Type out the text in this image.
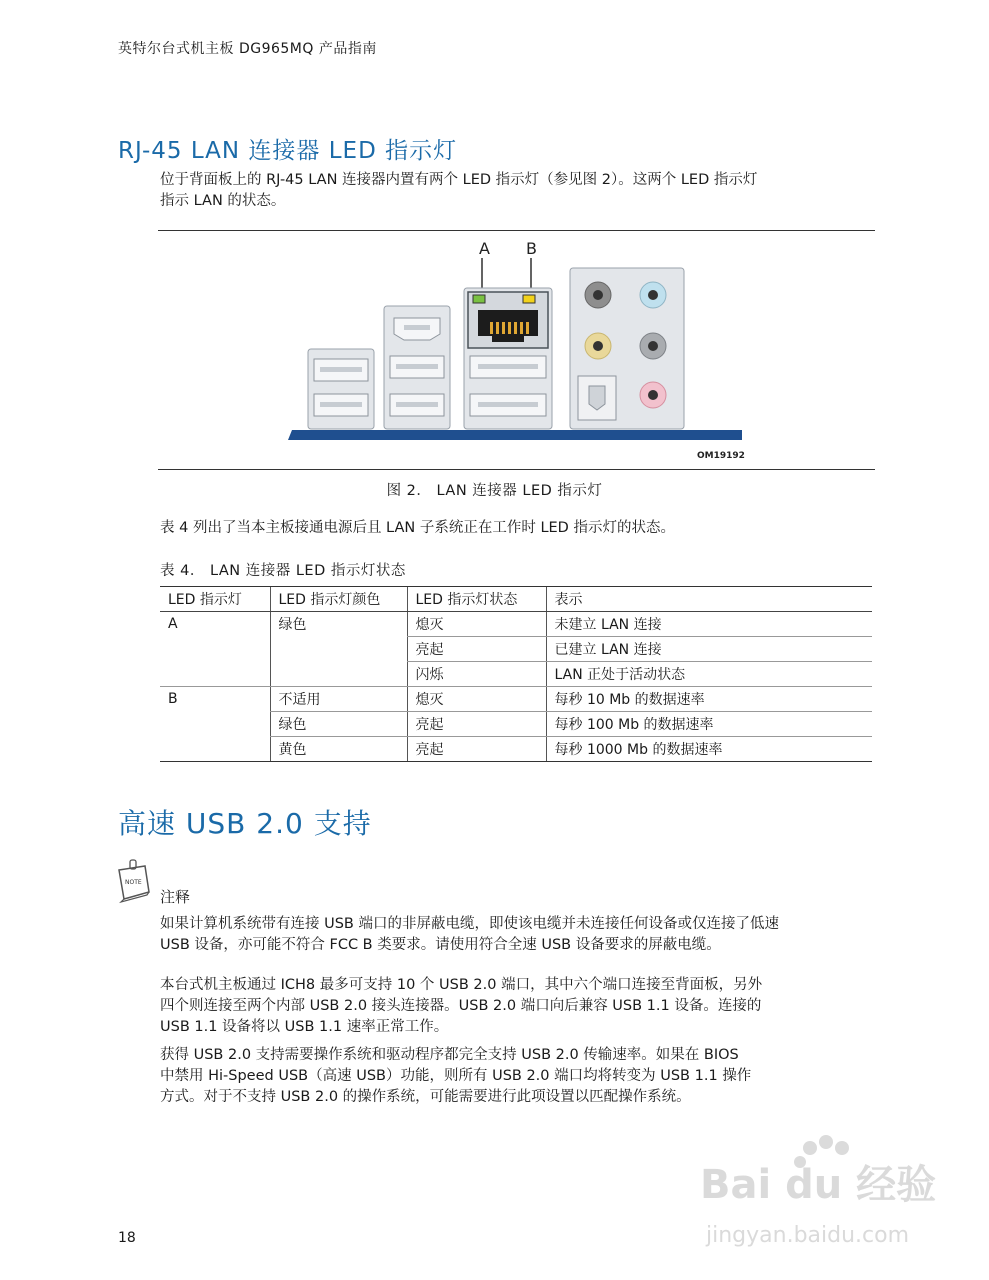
英特尔台式机主板 DG965MQ 产品指南
RJ-45 LAN 连接器 LED 指示灯
位于背面板上的 RJ-45 LAN 连接器内置有两个 LED 指示灯（参见图 2）。这两个 LED 指示灯
指示 LAN 的状态。
A B
OM19192
图 2． LAN 连接器 LED 指示灯
表 4 列出了当本主板接通电源后且 LAN 子系统正在工作时 LED 指示灯的状态。
表 4． LAN 连接器 LED 指示灯状态
LED 指示灯	LED 指示灯颜色	LED 指示灯状态	表示
A	绿色	熄灭	未建立 LAN 连接
		亮起	已建立 LAN 连接
		闪烁	LAN 正处于活动状态
B	不适用	熄灭	每秒 10 Mb 的数据速率
	绿色	亮起	每秒 100 Mb 的数据速率
	黄色	亮起	每秒 1000 Mb 的数据速率
高速 USB 2.0 支持
NOTE
注释
如果计算机系统带有连接 USB 端口的非屏蔽电缆，即使该电缆并未连接任何设备或仅连接了低速
USB 设备，亦可能不符合 FCC B 类要求。请使用符合全速 USB 设备要求的屏蔽电缆。
本台式机主板通过 ICH8 最多可支持 10 个 USB 2.0 端口，其中六个端口连接至背面板，另外
四个则连接至两个内部 USB 2.0 接头连接器。USB 2.0 端口向后兼容 USB 1.1 设备。连接的
USB 1.1 设备将以 USB 1.1 速率正常工作。
获得 USB 2.0 支持需要操作系统和驱动程序都完全支持 USB 2.0 传输速率。如果在 BIOS
中禁用 Hi-Speed USB（高速 USB）功能，则所有 USB 2.0 端口均将转变为 USB 1.1 操作
方式。对于不支持 USB 2.0 的操作系统，可能需要进行此项设置以匹配操作系统。
Bai du 经验
jingyan.baidu.com
18
